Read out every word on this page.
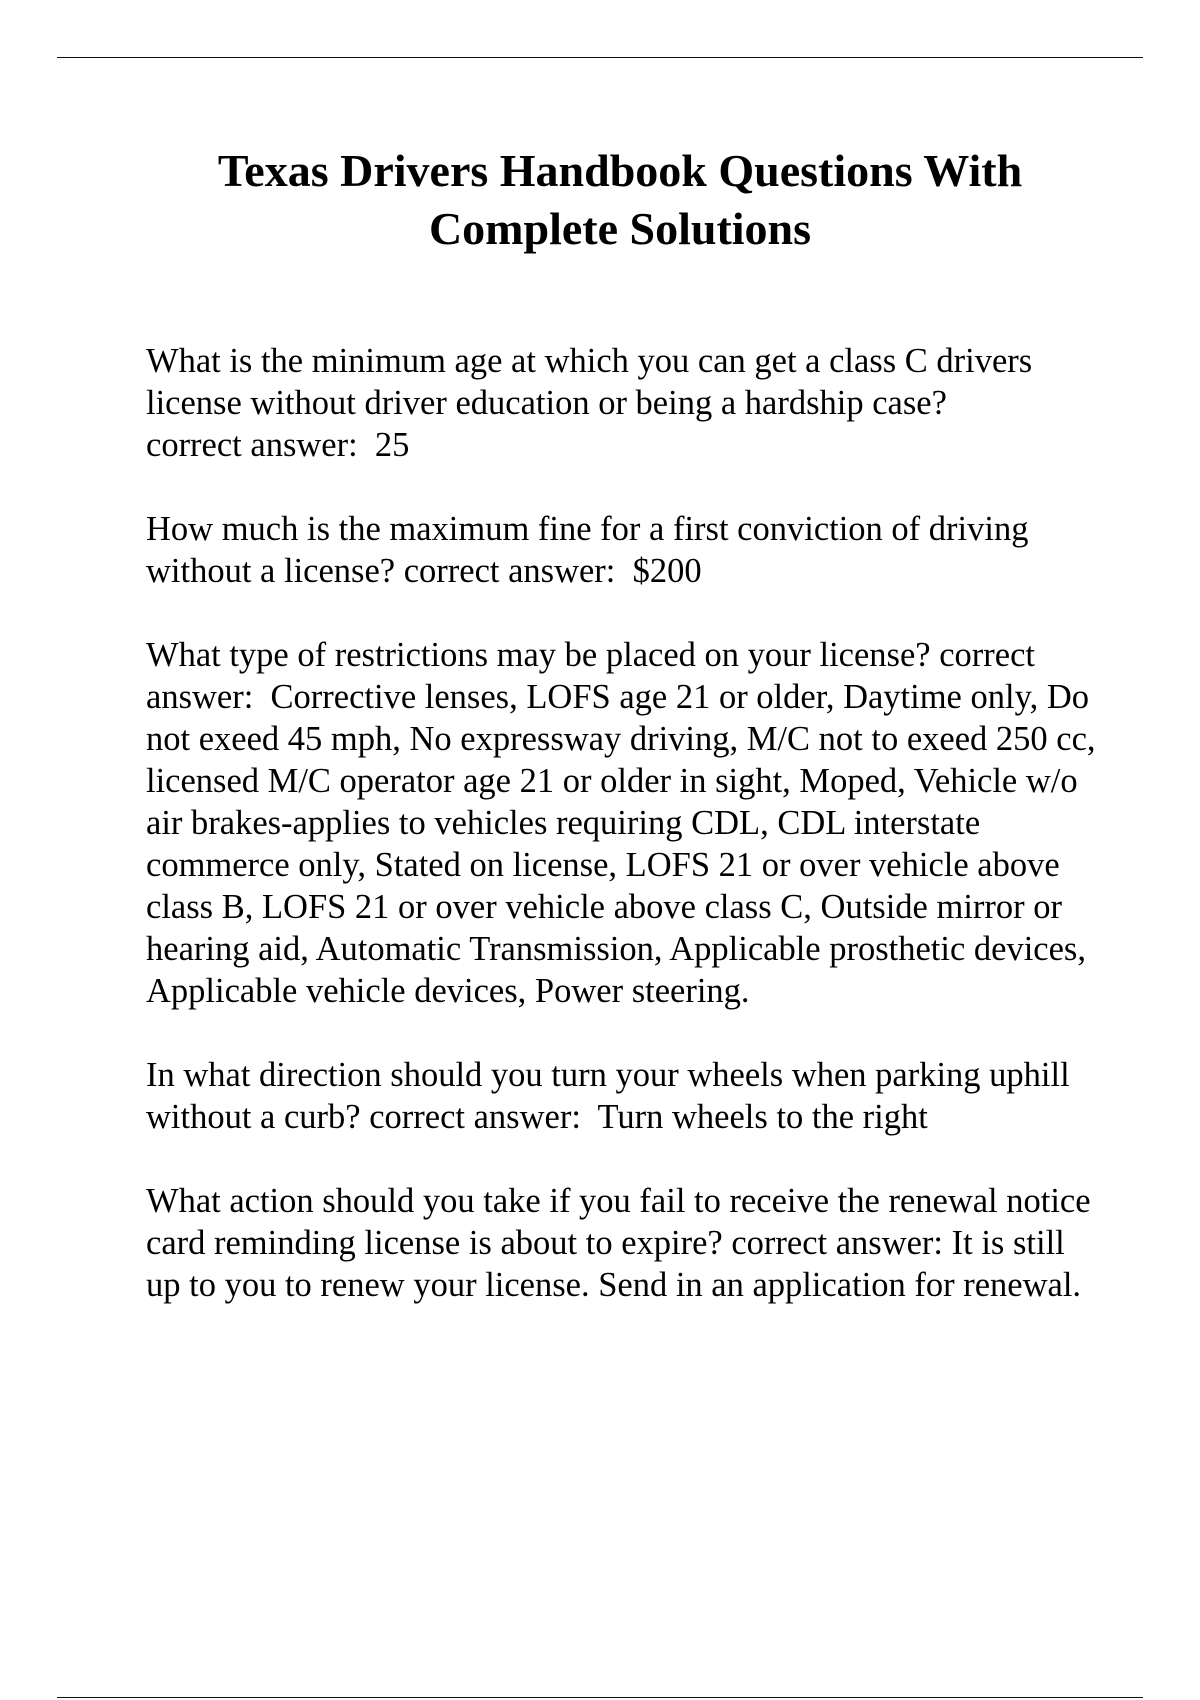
Texas Drivers Handbook Questions With
Complete Solutions

What is the minimum age at which you can get a class C drivers license without driver education or being a hardship case?
correct answer: 25

How much is the maximum fine for a first conviction of driving without a license? correct answer: $200

What type of restrictions may be placed on your license? correct answer: Corrective lenses, LOFS age 21 or older, Daytime only, Do not exeed 45 mph, No expressway driving, M/C not to exeed 250 cc, licensed M/C operator age 21 or older in sight, Moped, Vehicle w/o air brakes-applies to vehicles requiring CDL, CDL interstate commerce only, Stated on license, LOFS 21 or over vehicle above class B, LOFS 21 or over vehicle above class C, Outside mirror or hearing aid, Automatic Transmission, Applicable prosthetic devices, Applicable vehicle devices, Power steering.

In what direction should you turn your wheels when parking uphill without a curb? correct answer: Turn wheels to the right

What action should you take if you fail to receive the renewal notice card reminding license is about to expire? correct answer: It is still up to you to renew your license. Send in an application for renewal.
